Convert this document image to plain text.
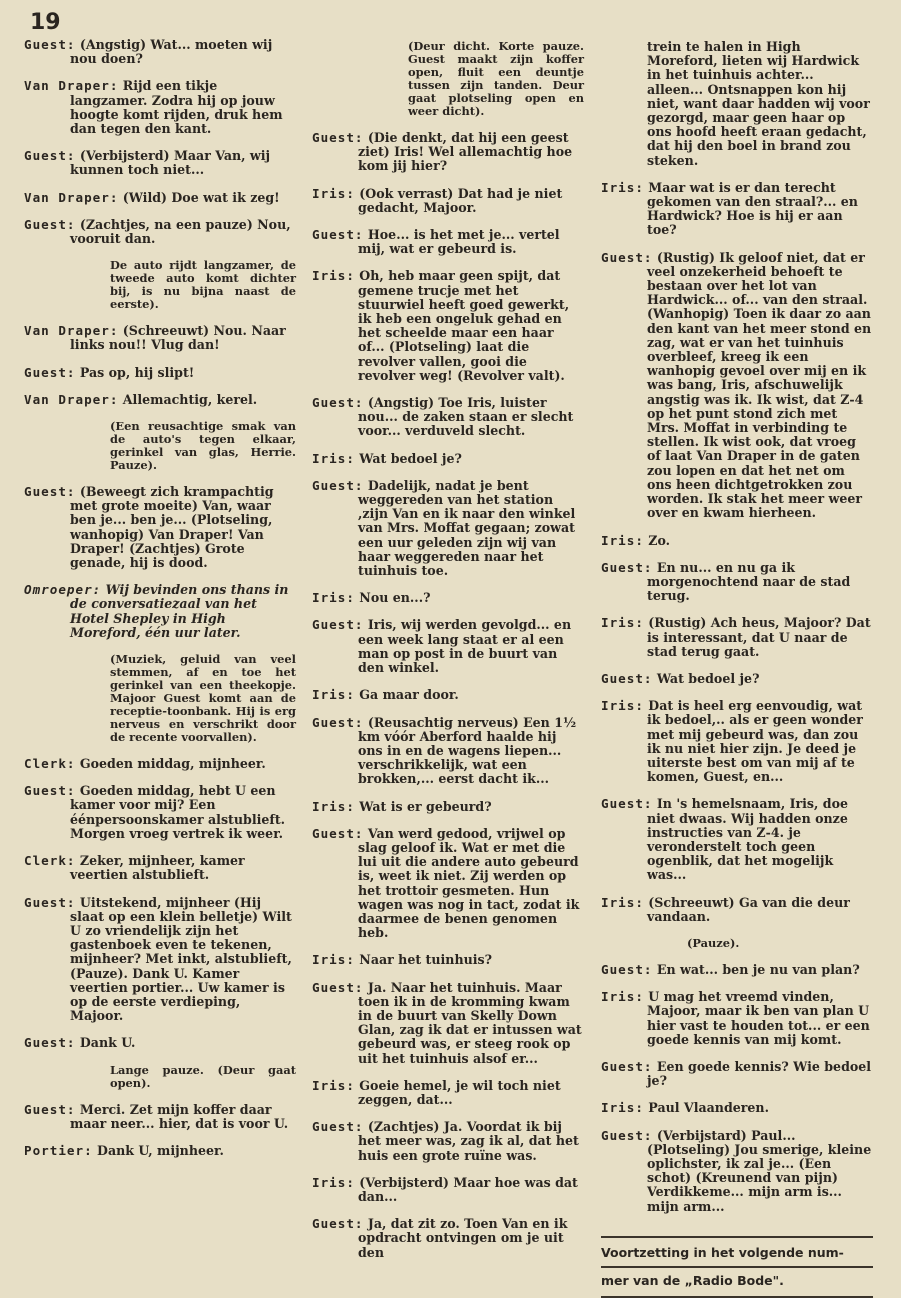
19
Guest: (Angstig) Wat... moeten wij nou doen?
Van Draper: Rijd een tikje langzamer. Zodra hij op jouw hoogte komt rijden, druk hem dan tegen den kant.
Guest: (Verbijsterd) Maar Van, wij kunnen toch niet...
Van Draper: (Wild) Doe wat ik zeg!
Guest: (Zachtjes, na een pauze) Nou, vooruit dan.
De auto rijdt langzamer, de tweede auto komt dichter bij, is nu bijna naast de eerste).
Van Draper: (Schreeuwt) Nou. Naar links nou!! Vlug dan!
Guest: Pas op, hij slipt!
Van Draper: Allemachtig, kerel.
(Een reusachtige smak van de auto's tegen elkaar, gerinkel van glas, Herrie. Pauze).
Guest: (Beweegt zich krampachtig met grote moeite) Van, waar ben je... ben je... (Plotseling, wanhopig) Van Draper! Van Draper! (Zachtjes) Grote genade, hij is dood.
Omroeper: Wij bevinden ons thans in de conversatiezaal van het Hotel Shepley in High Moreford, één uur later.
(Muziek, geluid van veel stemmen, af en toe het gerinkel van een theekopje. Majoor Guest komt aan de receptie-toonbank. Hij is erg nerveus en verschrikt door de recente voorvallen).
Clerk: Goeden middag, mijnheer.
Guest: Goeden middag, hebt U een kamer voor mij? Een éénpersoonskamer alstublieft. Morgen vroeg vertrek ik weer.
Clerk: Zeker, mijnheer, kamer veertien alstublieft.
Guest: Uitstekend, mijnheer (Hij slaat op een klein belletje) Wilt U zo vriendelijk zijn het gastenboek even te tekenen, mijnheer? Met inkt, alstublieft, (Pauze). Dank U. Kamer veertien portier... Uw kamer is op de eerste verdieping, Majoor.
Guest: Dank U.
Lange pauze. (Deur gaat open).
Guest: Merci. Zet mijn koffer daar maar neer... hier, dat is voor U.
Portier: Dank U, mijnheer.
(Deur dicht. Korte pauze. Guest maakt zijn koffer open, fluit een deuntje tussen zijn tanden. Deur gaat plotseling open en weer dicht).
Guest: (Die denkt, dat hij een geest ziet) Iris! Wel allemachtig hoe kom jij hier?
Iris: (Ook verrast) Dat had je niet gedacht, Majoor.
Guest: Hoe... is het met je... vertel mij, wat er gebeurd is.
Iris: Oh, heb maar geen spijt, dat gemene trucje met het stuurwiel heeft goed gewerkt, ik heb een ongeluk gehad en het scheelde maar een haar of... (Plotseling) laat die revolver vallen, gooi die revolver weg! (Revolver valt).
Guest: (Angstig) Toe Iris, luister nou... de zaken staan er slecht voor... verduveld slecht.
Iris: Wat bedoel je?
Guest: Dadelijk, nadat je bent weggereden van het station ,zijn Van en ik naar den winkel van Mrs. Moffat gegaan; zowat een uur geleden zijn wij van haar weggereden naar het tuinhuis toe.
Iris: Nou en...?
Guest: Iris, wij werden gevolgd... en een week lang staat er al een man op post in de buurt van den winkel.
Iris: Ga maar door.
Guest: (Reusachtig nerveus) Een 1½ km vóór Aberford haalde hij ons in en de wagens liepen... verschrikkelijk, wat een brokken,... eerst dacht ik...
Iris: Wat is er gebeurd?
Guest: Van werd gedood, vrijwel op slag geloof ik. Wat er met die lui uit die andere auto gebeurd is, weet ik niet. Zij werden op het trottoir gesmeten. Hun wagen was nog in tact, zodat ik daarmee de benen genomen heb.
Iris: Naar het tuinhuis?
Guest: Ja. Naar het tuinhuis. Maar toen ik in de kromming kwam in de buurt van Skelly Down Glan, zag ik dat er intussen wat gebeurd was, er steeg rook op uit het tuinhuis alsof er...
Iris: Goeie hemel, je wil toch niet zeggen, dat...
Guest: (Zachtjes) Ja. Voordat ik bij het meer was, zag ik al, dat het huis een grote ruïne was.
Iris: (Verbijsterd) Maar hoe was dat dan...
Guest: Ja, dat zit zo. Toen Van en ik opdracht ontvingen om je uit den
trein te halen in High Moreford, lieten wij Hardwick in het tuinhuis achter... alleen... Ontsnappen kon hij niet, want daar hadden wij voor gezorgd, maar geen haar op ons hoofd heeft eraan gedacht, dat hij den boel in brand zou steken.
Iris: Maar wat is er dan terecht gekomen van den straal?... en Hardwick? Hoe is hij er aan toe?
Guest: (Rustig) Ik geloof niet, dat er veel onzekerheid behoeft te bestaan over het lot van Hardwick... of... van den straal. (Wanhopig) Toen ik daar zo aan den kant van het meer stond en zag, wat er van het tuinhuis overbleef, kreeg ik een wanhopig gevoel over mij en ik was bang, Iris, afschuwelijk angstig was ik. Ik wist, dat Z-4 op het punt stond zich met Mrs. Moffat in verbinding te stellen. Ik wist ook, dat vroeg of laat Van Draper in de gaten zou lopen en dat het net om ons heen dichtgetrokken zou worden. Ik stak het meer weer over en kwam hierheen.
Iris: Zo.
Guest: En nu... en nu ga ik morgenochtend naar de stad terug.
Iris: (Rustig) Ach heus, Majoor? Dat is interessant, dat U naar de stad terug gaat.
Guest: Wat bedoel je?
Iris: Dat is heel erg eenvoudig, wat ik bedoel,.. als er geen wonder met mij gebeurd was, dan zou ik nu niet hier zijn. Je deed je uiterste best om van mij af te komen, Guest, en...
Guest: In 's hemelsnaam, Iris, doe niet dwaas. Wij hadden onze instructies van Z-4. je veronderstelt toch geen ogenblik, dat het mogelijk was...
Iris: (Schreeuwt) Ga van die deur vandaan.
(Pauze).
Guest: En wat... ben je nu van plan?
Iris: U mag het vreemd vinden, Majoor, maar ik ben van plan U hier vast te houden tot... er een goede kennis van mij komt.
Guest: Een goede kennis? Wie bedoel je?
Iris: Paul Vlaanderen.
Guest: (Verbijstard) Paul... (Plotseling) Jou smerige, kleine oplichster, ik zal je... (Een schot) (Kreunend van pijn) Verdikkeme... mijn arm is... mijn arm...
Voortzetting in het volgende num-
mer van de „Radio Bode".
